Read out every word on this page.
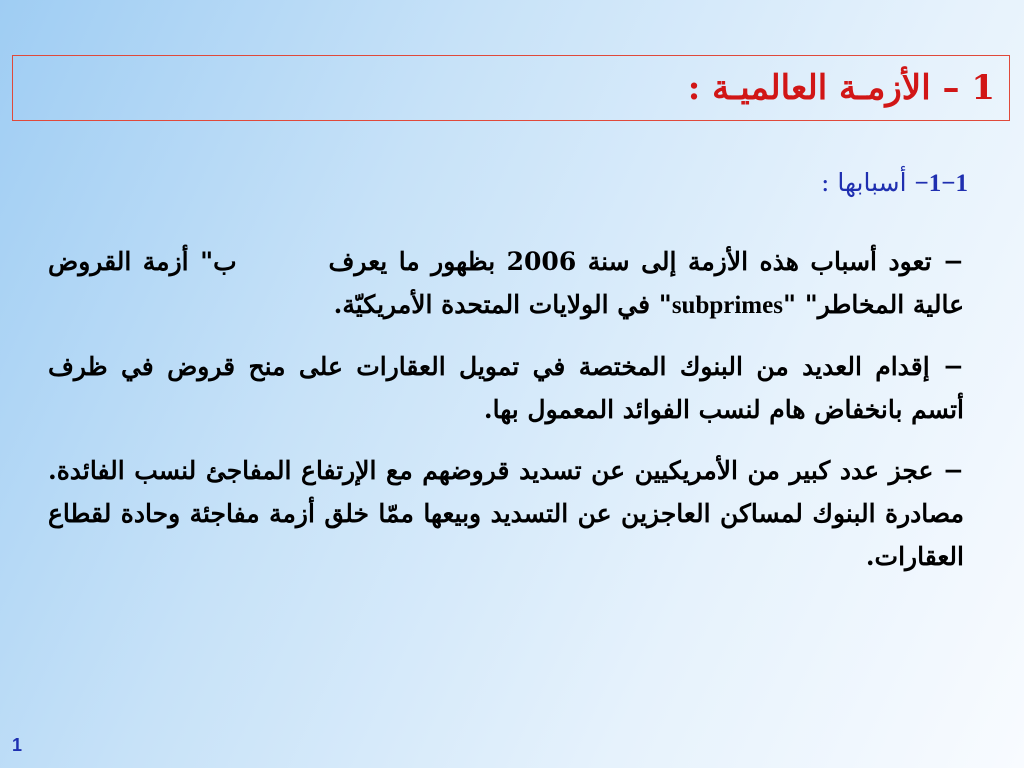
1 – الأزمـة العالميـة :
1−1− أسبابها :

− تعود أسباب هذه الأزمة إلى سنة 2006 بظهور ما يعرف        ب" أزمة القروض عالية المخاطر" "subprimes" في الولايات المتحدة الأمريكيّة.

− إقدام العديد من البنوك المختصة في تمويل العقارات على منح قروض في ظرف أتسم بانخفاض هام لنسب الفوائد المعمول بها.

− عجز عدد كبير من الأمريكيين عن تسديد قروضهم مع الإرتفاع المفاجئ لنسب الفائدة. مصادرة البنوك لمساكن العاجزين عن التسديد وبيعها ممّا خلق أزمة مفاجئة وحادة لقطاع العقارات.

1
